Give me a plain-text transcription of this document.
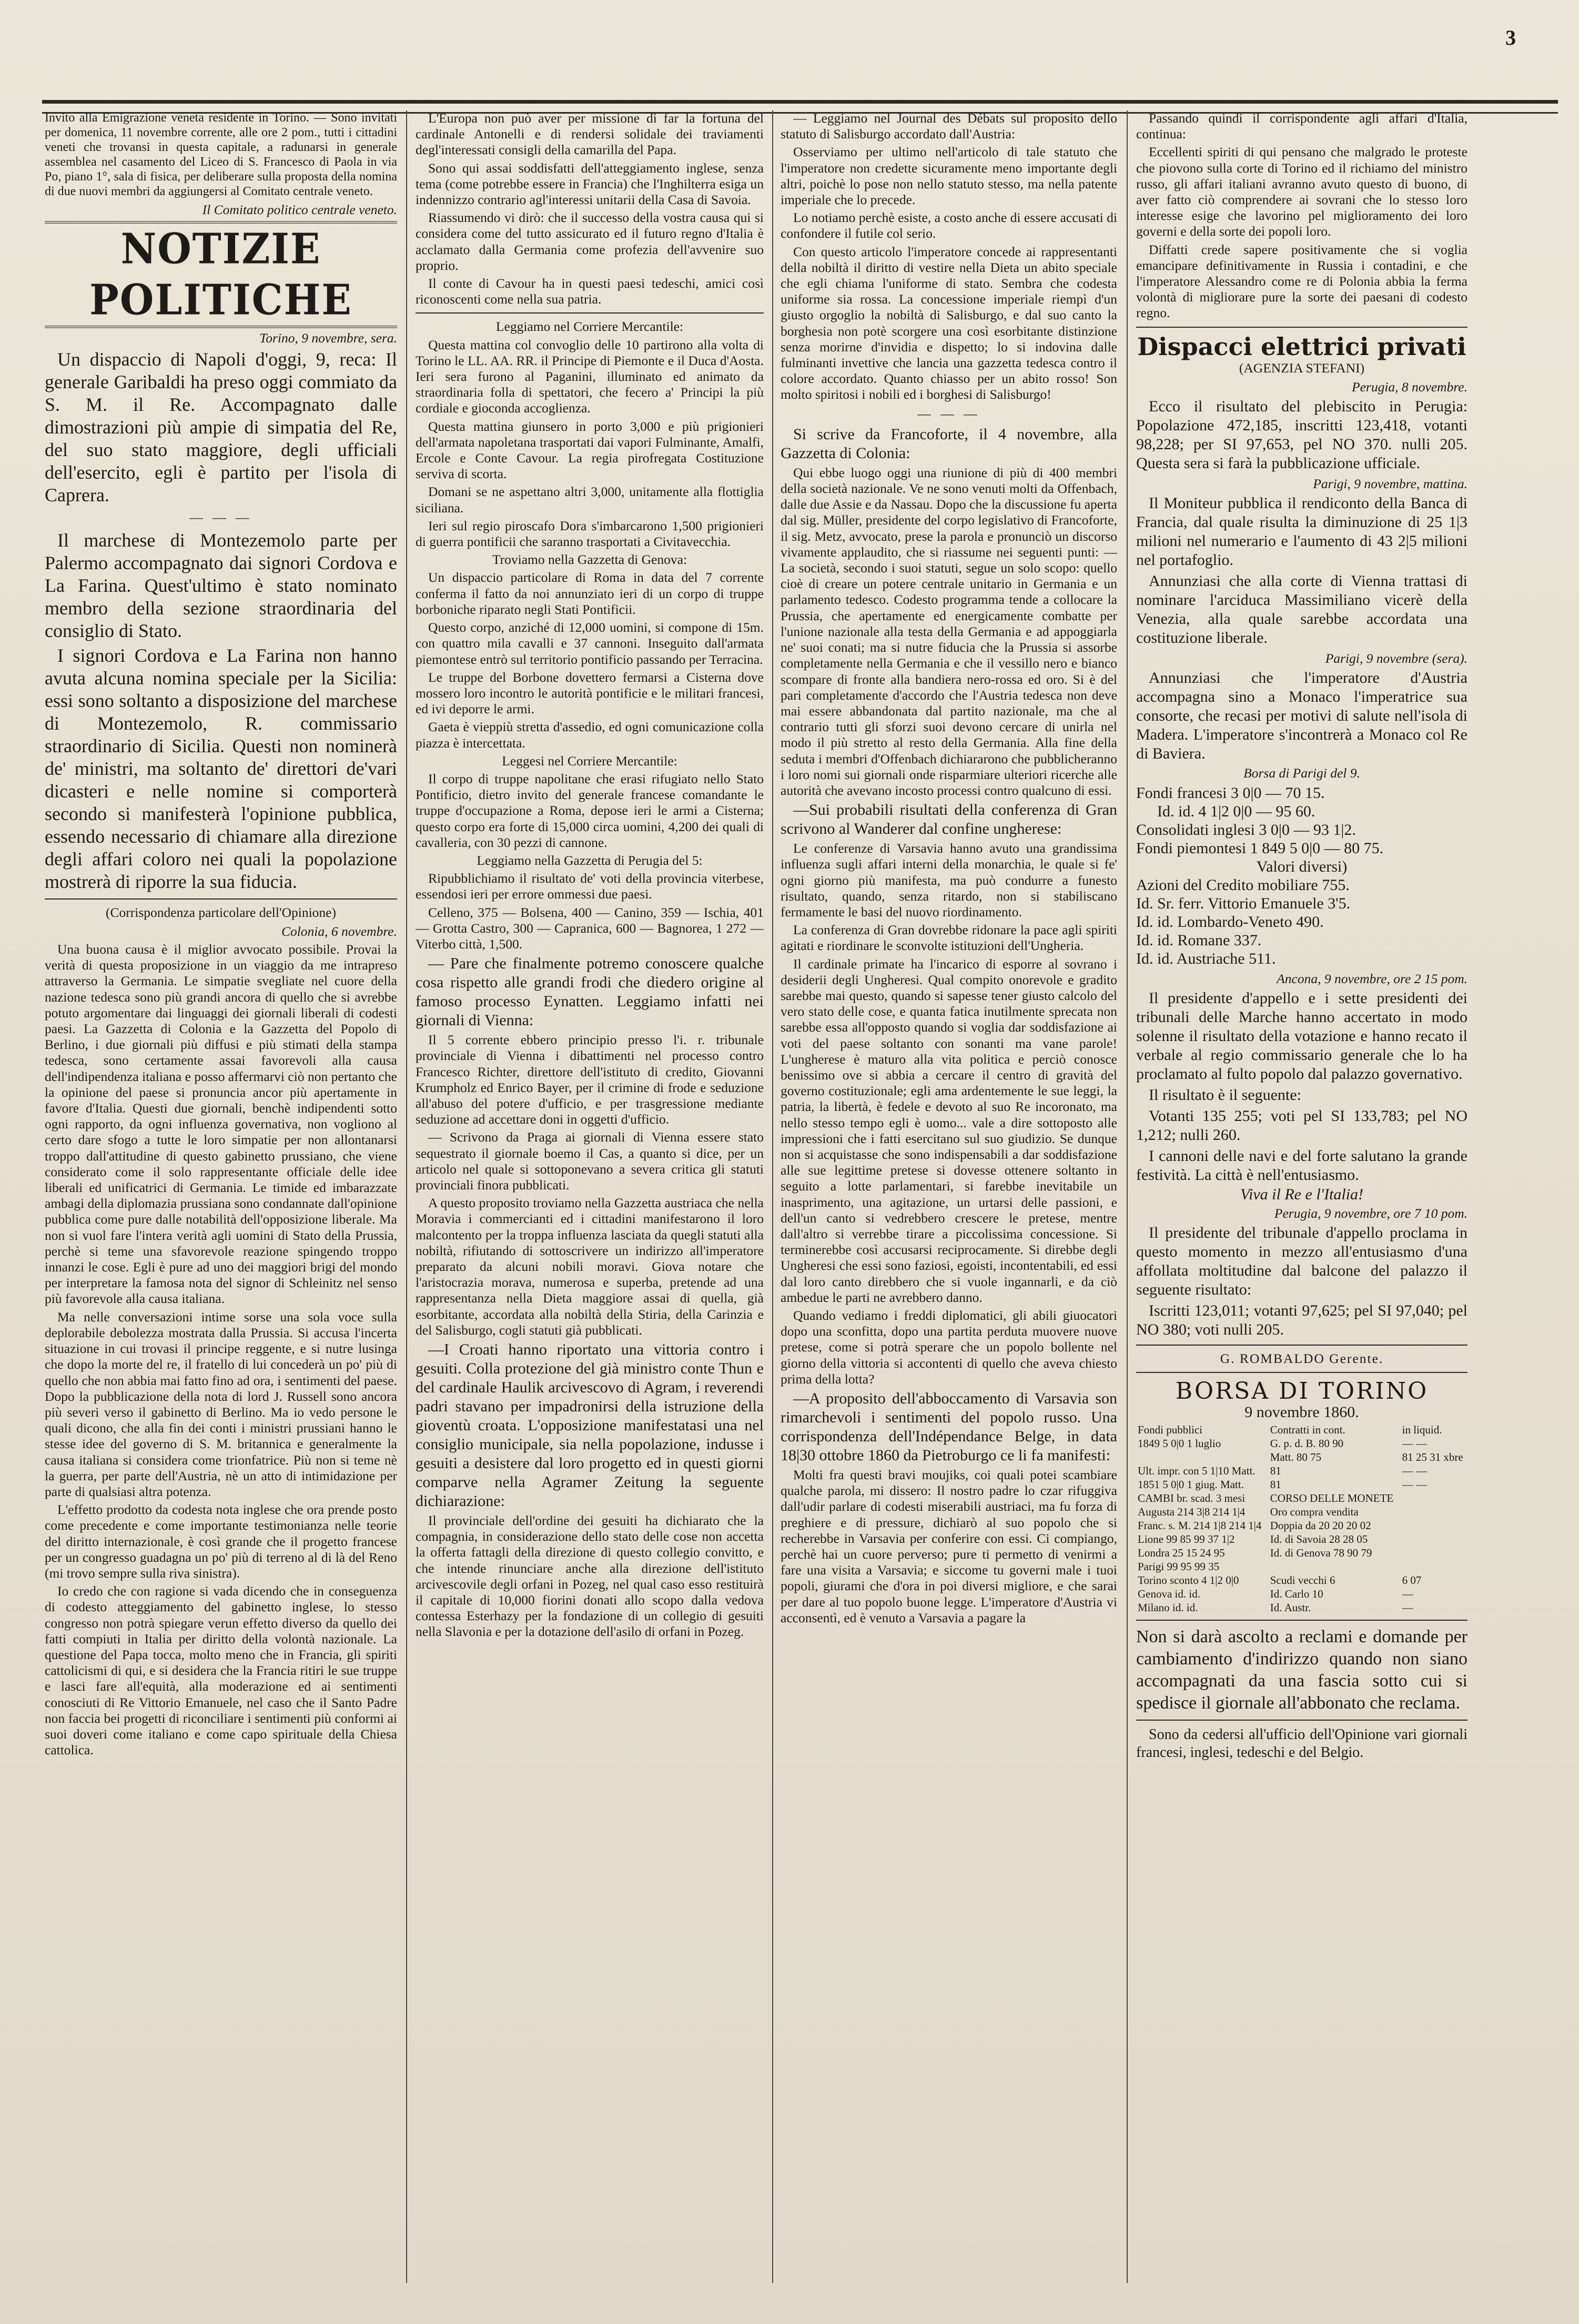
3

Invito alla Emigrazione veneta residente in Torino. — Sono invitati per domenica, 11 novembre corrente, alle ore 2 pom., tutti i cittadini veneti che trovansi in questa capitale, a radunarsi in generale assemblea nel casamento del Liceo di S. Francesco di Paola in via Po, piano 1°, sala di fisica, per deliberare sulla proposta della nomina di due nuovi membri da aggiungersi al Comitato centrale veneto.

Il Comitato politico centrale veneto.

NOTIZIE POLITICHE

Torino, 9 novembre, sera.

Un dispaccio di Napoli d'oggi, 9, reca: Il generale Garibaldi ha preso oggi commiato da S. M. il Re. Accompagnato dalle dimostrazioni più ampie di simpatia del Re, del suo stato maggiore, degli ufficiali dell'esercito, egli è partito per l'isola di Caprera.

— — —

Il marchese di Montezemolo parte per Palermo accompagnato dai signori Cordova e La Farina. Quest'ultimo è stato nominato membro della sezione straordinaria del consiglio di Stato.

I signori Cordova e La Farina non hanno avuta alcuna nomina speciale per la Sicilia: essi sono soltanto a disposizione del marchese di Montezemolo, R. commissario straordinario di Sicilia. Questi non nominerà de' ministri, ma soltanto de' direttori de'vari dicasteri e nelle nomine si comporterà secondo si manifesterà l'opinione pubblica, essendo necessario di chiamare alla direzione degli affari coloro nei quali la popolazione mostrerà di riporre la sua fiducia.

(Corrispondenza particolare dell'Opinione)

Colonia, 6 novembre.

Una buona causa è il miglior avvocato possibile. Provai la verità di questa proposizione in un viaggio da me intrapreso attraverso la Germania. Le simpatie svegliate nel cuore della nazione tedesca sono più grandi ancora di quello che si avrebbe potuto argomentare dai linguaggi dei giornali liberali di codesti paesi. La Gazzetta di Colonia e la Gazzetta del Popolo di Berlino, i due giornali più diffusi e più stimati della stampa tedesca, sono certamente assai favorevoli alla causa dell'indipendenza italiana e posso affermarvi ciò non pertanto che la opinione del paese si pronuncia ancor più apertamente in favore d'Italia. Questi due giornali, benchè indipendenti sotto ogni rapporto, da ogni influenza governativa, non vogliono al certo dare sfogo a tutte le loro simpatie per non allontanarsi troppo dall'attitudine di questo gabinetto prussiano, che viene considerato come il solo rappresentante officiale delle idee liberali ed unificatrici di Germania. Le timide ed imbarazzate ambagi della diplomazia prussiana sono condannate dall'opinione pubblica come pure dalle notabilità dell'opposizione liberale. Ma non si vuol fare l'intera verità agli uomini di Stato della Prussia, perchè si teme una sfavorevole reazione spingendo troppo innanzi le cose. Egli è pure ad uno dei maggiori brigi del mondo per interpretare la famosa nota del signor di Schleinitz nel senso più favorevole alla causa italiana.

Ma nelle conversazioni intime sorse una sola voce sulla deplorabile debolezza mostrata dalla Prussia. Si accusa l'incerta situazione in cui trovasi il principe reggente, e si nutre lusinga che dopo la morte del re, il fratello di lui concederà un po' più di quello che non abbia mai fatto fino ad ora, i sentimenti del paese. Dopo la pubblicazione della nota di lord J. Russell sono ancora più severi verso il gabinetto di Berlino. Ma io vedo persone le quali dicono, che alla fin dei conti i ministri prussiani hanno le stesse idee del governo di S. M. britannica e generalmente la causa italiana si considera come trionfatrice. Più non si teme nè la guerra, per parte dell'Austria, nè un atto di intimidazione per parte di qualsiasi altra potenza.

L'effetto prodotto da codesta nota inglese che ora prende posto come precedente e come importante testimonianza nelle teorie del diritto internazionale, è così grande che il progetto francese per un congresso guadagna un po' più di terreno al di là del Reno (mi trovo sempre sulla riva sinistra).

Io credo che con ragione si vada dicendo che in conseguenza di codesto atteggiamento del gabinetto inglese, lo stesso congresso non potrà spiegare verun effetto diverso da quello dei fatti compiuti in Italia per diritto della volontà nazionale. La questione del Papa tocca, molto meno che in Francia, gli spiriti cattolicismi di qui, e si desidera che la Francia ritiri le sue truppe e lasci fare all'equità, alla moderazione ed ai sentimenti conosciuti di Re Vittorio Emanuele, nel caso che il Santo Padre non faccia bei progetti di riconciliare i sentimenti più conformi ai suoi doveri come italiano e come capo spirituale della Chiesa cattolica.

L'Europa non può aver per missione di far la fortuna del cardinale Antonelli e di rendersi solidale dei traviamenti degl'interessati consigli della camarilla del Papa.

Sono qui assai soddisfatti dell'atteggiamento inglese, senza tema (come potrebbe essere in Francia) che l'Inghilterra esiga un indennizzo contrario agl'interessi unitarii della Casa di Savoia.

Riassumendo vi dirò: che il successo della vostra causa qui si considera come del tutto assicurato ed il futuro regno d'Italia è acclamato dalla Germania come profezia dell'avvenire suo proprio.

Il conte di Cavour ha in questi paesi tedeschi, amici così riconoscenti come nella sua patria.

Leggiamo nel Corriere Mercantile:

Questa mattina col convoglio delle 10 partirono alla volta di Torino le LL. AA. RR. il Principe di Piemonte e il Duca d'Aosta. Ieri sera furono al Paganini, illuminato ed animato da straordinaria folla di spettatori, che fecero a' Principi la più cordiale e gioconda accoglienza.

Questa mattina giunsero in porto 3,000 e più prigionieri dell'armata napoletana trasportati dai vapori Fulminante, Amalfi, Ercole e Conte Cavour. La regia pirofregata Costituzione serviva di scorta.

Domani se ne aspettano altri 3,000, unitamente alla flottiglia siciliana.

Ieri sul regio piroscafo Dora s'imbarcarono 1,500 prigionieri di guerra pontificii che saranno trasportati a Civitavecchia.

Troviamo nella Gazzetta di Genova:

Un dispaccio particolare di Roma in data del 7 corrente conferma il fatto da noi annunziato ieri di un corpo di truppe borboniche riparato negli Stati Pontificii.

Questo corpo, anziché di 12,000 uomini, si compone di 15m. con quattro mila cavalli e 37 cannoni. Inseguito dall'armata piemontese entrò sul territorio pontificio passando per Terracina.

Le truppe del Borbone dovettero fermarsi a Cisterna dove mossero loro incontro le autorità pontificie e le militari francesi, ed ivi deporre le armi.

Gaeta è vieppiù stretta d'assedio, ed ogni comunicazione colla piazza è intercettata.

Leggesi nel Corriere Mercantile:

Il corpo di truppe napolitane che erasi rifugiato nello Stato Pontificio, dietro invito del generale francese comandante le truppe d'occupazione a Roma, depose ieri le armi a Cisterna; questo corpo era forte di 15,000 circa uomini, 4,200 dei quali di cavalleria, con 30 pezzi di cannone.

Leggiamo nella Gazzetta di Perugia del 5:

Ripubblichiamo il risultato de' voti della provincia viterbese, essendosi ieri per errore ommessi due paesi.

Celleno, 375 — Bolsena, 400 — Canino, 359 — Ischia, 401 — Grotta Castro, 300 — Capranica, 600 — Bagnorea, 1 272 — Viterbo città, 1,500.

— Pare che finalmente potremo conoscere qualche cosa rispetto alle grandi frodi che diedero origine al famoso processo Eynatten. Leggiamo infatti nei giornali di Vienna:

Il 5 corrente ebbero principio presso l'i. r. tribunale provinciale di Vienna i dibattimenti nel processo contro Francesco Richter, direttore dell'istituto di credito, Giovanni Krumpholz ed Enrico Bayer, per il crimine di frode e seduzione all'abuso del potere d'ufficio, e per trasgressione mediante seduzione ad accettare doni in oggetti d'ufficio.

— Scrivono da Praga ai giornali di Vienna essere stato sequestrato il giornale boemo il Cas, a quanto si dice, per un articolo nel quale si sottoponevano a severa critica gli statuti provinciali finora pubblicati.

A questo proposito troviamo nella Gazzetta austriaca che nella Moravia i commercianti ed i cittadini manifestarono il loro malcontento per la troppa influenza lasciata da quegli statuti alla nobiltà, rifiutando di sottoscrivere un indirizzo all'imperatore preparato da alcuni nobili moravi. Giova notare che l'aristocrazia morava, numerosa e superba, pretende ad una rappresentanza nella Dieta maggiore assai di quella, già esorbitante, accordata alla nobiltà della Stiria, della Carinzia e del Salisburgo, cogli statuti già pubblicati.

—I Croati hanno riportato una vittoria contro i gesuiti. Colla protezione del già ministro conte Thun e del cardinale Haulik arcivescovo di Agram, i reverendi padri stavano per impadronirsi della istruzione della gioventù croata. L'opposizione manifestatasi una nel consiglio municipale, sia nella popolazione, indusse i gesuiti a desistere dal loro progetto ed in questi giorni comparve nella Agramer Zeitung la seguente dichiarazione:

Il provinciale dell'ordine dei gesuiti ha dichiarato che la compagnia, in considerazione dello stato delle cose non accetta la offerta fattagli della direzione di questo collegio convitto, e che intende rinunciare anche alla direzione dell'istituto arcivescovile degli orfani in Pozeg, nel qual caso esso restituirà il capitale di 10,000 fiorini donati allo scopo dalla vedova contessa Esterhazy per la fondazione di un collegio di gesuiti nella Slavonia e per la dotazione dell'asilo di orfani in Pozeg.

— Leggiamo nel Journal des Débats sul proposito dello statuto di Salisburgo accordato dall'Austria:

Osserviamo per ultimo nell'articolo di tale statuto che l'imperatore non credette sicuramente meno importante degli altri, poichè lo pose non nello statuto stesso, ma nella patente imperiale che lo precede.

Lo notiamo perchè esiste, a costo anche di essere accusati di confondere il futile col serio.

Con questo articolo l'imperatore concede ai rappresentanti della nobiltà il diritto di vestire nella Dieta un abito speciale che egli chiama l'uniforme di stato. Sembra che codesta uniforme sia rossa. La concessione imperiale riempì d'un giusto orgoglio la nobiltà di Salisburgo, e dal suo canto la borghesia non potè scorgere una così esorbitante distinzione senza morirne d'invidia e dispetto; lo si indovina dalle fulminanti invettive che lancia una gazzetta tedesca contro il colore accordato. Quanto chiasso per un abito rosso! Son molto spiritosi i nobili ed i borghesi di Salisburgo!

— — —

Si scrive da Francoforte, il 4 novembre, alla Gazzetta di Colonia:

Qui ebbe luogo oggi una riunione di più di 400 membri della società nazionale. Ve ne sono venuti molti da Offenbach, dalle due Assie e da Nassau. Dopo che la discussione fu aperta dal sig. Müller, presidente del corpo legislativo di Francoforte, il sig. Metz, avvocato, prese la parola e pronunciò un discorso vivamente applaudito, che si riassume nei seguenti punti: — La società, secondo i suoi statuti, segue un solo scopo: quello cioè di creare un potere centrale unitario in Germania e un parlamento tedesco. Codesto programma tende a collocare la Prussia, che apertamente ed energicamente combatte per l'unione nazionale alla testa della Germania e ad appoggiarla ne' suoi conati; ma si nutre fiducia che la Prussia si assorbe completamente nella Germania e che il vessillo nero e bianco scompare di fronte alla bandiera nero-rossa ed oro. Si è del pari completamente d'accordo che l'Austria tedesca non deve mai essere abbandonata dal partito nazionale, ma che al contrario tutti gli sforzi suoi devono cercare di unirla nel modo il più stretto al resto della Germania. Alla fine della seduta i membri d'Offenbach dichiararono che pubblicheranno i loro nomi sui giornali onde risparmiare ulteriori ricerche alle autorità che avevano incosto processi contro qualcuno di essi.

—Sui probabili risultati della conferenza di Gran scrivono al Wanderer dal confine ungherese:

Le conferenze di Varsavia hanno avuto una grandissima influenza sugli affari interni della monarchia, le quale si fe' ogni giorno più manifesta, ma può condurre a funesto risultato, quando, senza ritardo, non si stabiliscano fermamente le basi del nuovo riordinamento.

La conferenza di Gran dovrebbe ridonare la pace agli spiriti agitati e riordinare le sconvolte istituzioni dell'Ungheria.

Il cardinale primate ha l'incarico di esporre al sovrano i desiderii degli Ungheresi. Qual compito onorevole e gradito sarebbe mai questo, quando si sapesse tener giusto calcolo del vero stato delle cose, e quanta fatica inutilmente sprecata non sarebbe essa all'opposto quando si voglia dar soddisfazione ai voti del paese soltanto con sonanti ma vane parole! L'ungherese è maturo alla vita politica e perciò conosce benissimo ove si abbia a cercare il centro di gravità del governo costituzionale; egli ama ardentemente le sue leggi, la patria, la libertà, è fedele e devoto al suo Re incoronato, ma nello stesso tempo egli è uomo... vale a dire sottoposto alle impressioni che i fatti esercitano sul suo giudizio. Se dunque non si acquistasse che sono indispensabili a dar soddisfazione alle sue legittime pretese si dovesse ottenere soltanto in seguito a lotte parlamentari, si farebbe inevitabile un inasprimento, una agitazione, un urtarsi delle passioni, e dell'un canto si vedrebbero crescere le pretese, mentre dall'altro si verrebbe tirare a piccolissima concessione. Si terminerebbe così accusarsi reciprocamente. Si direbbe degli Ungheresi che essi sono faziosi, egoisti, incontentabili, ed essi dal loro canto direbbero che si vuole ingannarli, e da ciò ambedue le parti ne avrebbero danno.

Quando vediamo i freddi diplomatici, gli abili giuocatori dopo una sconfitta, dopo una partita perduta muovere nuove pretese, come si potrà sperare che un popolo bollente nel giorno della vittoria si accontenti di quello che aveva chiesto prima della lotta?

—A proposito dell'abboccamento di Varsavia son rimarchevoli i sentimenti del popolo russo. Una corrispondenza dell'Indépendance Belge, in data 18|30 ottobre 1860 da Pietroburgo ce li fa manifesti:

Molti fra questi bravi moujiks, coi quali potei scambiare qualche parola, mi dissero: Il nostro padre lo czar rifuggiva dall'udir parlare di codesti miserabili austriaci, ma fu forza di preghiere e di pressure, dichiarò al suo popolo che si recherebbe in Varsavia per conferire con essi. Ci compiango, perchè hai un cuore perverso; pure ti permetto di venirmi a fare una visita a Varsavia; e siccome tu governi male i tuoi popoli, giurami che d'ora in poi diversi migliore, e che sarai per dare al tuo popolo buone legge. L'imperatore d'Austria vi acconsentì, ed è venuto a Varsavia a pagare la

Passando quindi il corrispondente agli affari d'Italia, continua:

Eccellenti spiriti di qui pensano che malgrado le proteste che piovono sulla corte di Torino ed il richiamo del ministro russo, gli affari italiani avranno avuto questo di buono, di aver fatto ciò comprendere ai sovrani che lo stesso loro interesse esige che lavorino pel miglioramento dei loro governi e della sorte dei popoli loro.

Diffatti crede sapere positivamente che si voglia emancipare definitivamente in Russia i contadini, e che l'imperatore Alessandro come re di Polonia abbia la ferma volontà di migliorare pure la sorte dei paesani di codesto regno.

Dispacci elettrici privati

(AGENZIA STEFANI)

Perugia, 8 novembre.

Ecco il risultato del plebiscito in Perugia: Popolazione 472,185, inscritti 123,418, votanti 98,228; per SI 97,653, pel NO 370. nulli 205. Questa sera si farà la pubblicazione ufficiale.

Parigi, 9 novembre, mattina.

Il Moniteur pubblica il rendiconto della Banca di Francia, dal quale risulta la diminuzione di 25 1|3 milioni nel numerario e l'aumento di 43 2|5 milioni nel portafoglio.

Annunziasi che alla corte di Vienna trattasi di nominare l'arciduca Massimiliano vicerè della Venezia, alla quale sarebbe accordata una costituzione liberale.

Parigi, 9 novembre (sera).

Annunziasi che l'imperatore d'Austria accompagna sino a Monaco l'imperatrice sua consorte, che recasi per motivi di salute nell'isola di Madera. L'imperatore s'incontrerà a Monaco col Re di Baviera.

Borsa di Parigi del 9.

Fondi francesi 3 0|0 — 70 15.
Id. id. 4 1|2 0|0 — 95 60.
Consolidati inglesi 3 0|0 — 93 1|2.
Fondi piemontesi 1 849 5 0|0 — 80 75.
Valori diversi)
Azioni del Credito mobiliare 755.
Id. Sr. ferr. Vittorio Emanuele 3'5.
Id. id. Lombardo-Veneto 490.
Id. id. Romane 337.
Id. id. Austriache 511.

Ancona, 9 novembre, ore 2 15 pom.

Il presidente d'appello e i sette presidenti dei tribunali delle Marche hanno accertato in modo solenne il risultato della votazione e hanno recato il verbale al regio commissario generale che lo ha proclamato al fulto popolo dal palazzo governativo.

Il risultato è il seguente:

Votanti 135 255; voti pel SI 133,783; pel NO 1,212; nulli 260.

I cannoni delle navi e del forte salutano la grande festività. La città è nell'entusiasmo.

Viva il Re e l'Italia!

Perugia, 9 novembre, ore 7 10 pom.

Il presidente del tribunale d'appello proclama in questo momento in mezzo all'entusiasmo d'una affollata moltitudine dal balcone del palazzo il seguente risultato:

Iscritti 123,011; votanti 97,625; pel SI 97,040; pel NO 380; voti nulli 205.

G. ROMBALDO Gerente.

BORSA DI TORINO

9 novembre 1860.

Fondi pubblici	Contratti in cont.	in liquid.
1849 5 0|0 1 luglio	G. p. d. B. 80 90	— —
	Matt. 80 75	81 25 31 xbre
Ult. impr. con 5 1|10 Matt.	81	— —
1851 5 0|0 1 giug. Matt.	81	— —
CAMBI br. scad. 3 mesi	CORSO DELLE MONETE	
Augusta 214 3|8 214 1|4	Oro compra vendita	
Franc. s. M. 214 1|8 214 1|4	Doppia da 20 20 20 02	
Lione 99 85 99 37 1|2	Id. di Savoia 28 28 05	
Londra 25 15 24 95	Id. di Genova 78 90 79	
Parigi 99 95 99 35		
Torino sconto 4 1|2 0|0	Scudi vecchi 6	6 07
Genova id. id.	Id. Carlo 10	—
Milano id. id.	Id. Austr.	—

Non si darà ascolto a reclami e domande per cambiamento d'indirizzo quando non siano accompagnati da una fascia sotto cui si spedisce il giornale all'abbonato che reclama.

Sono da cedersi all'ufficio dell'Opinione vari giornali francesi, inglesi, tedeschi e del Belgio.
